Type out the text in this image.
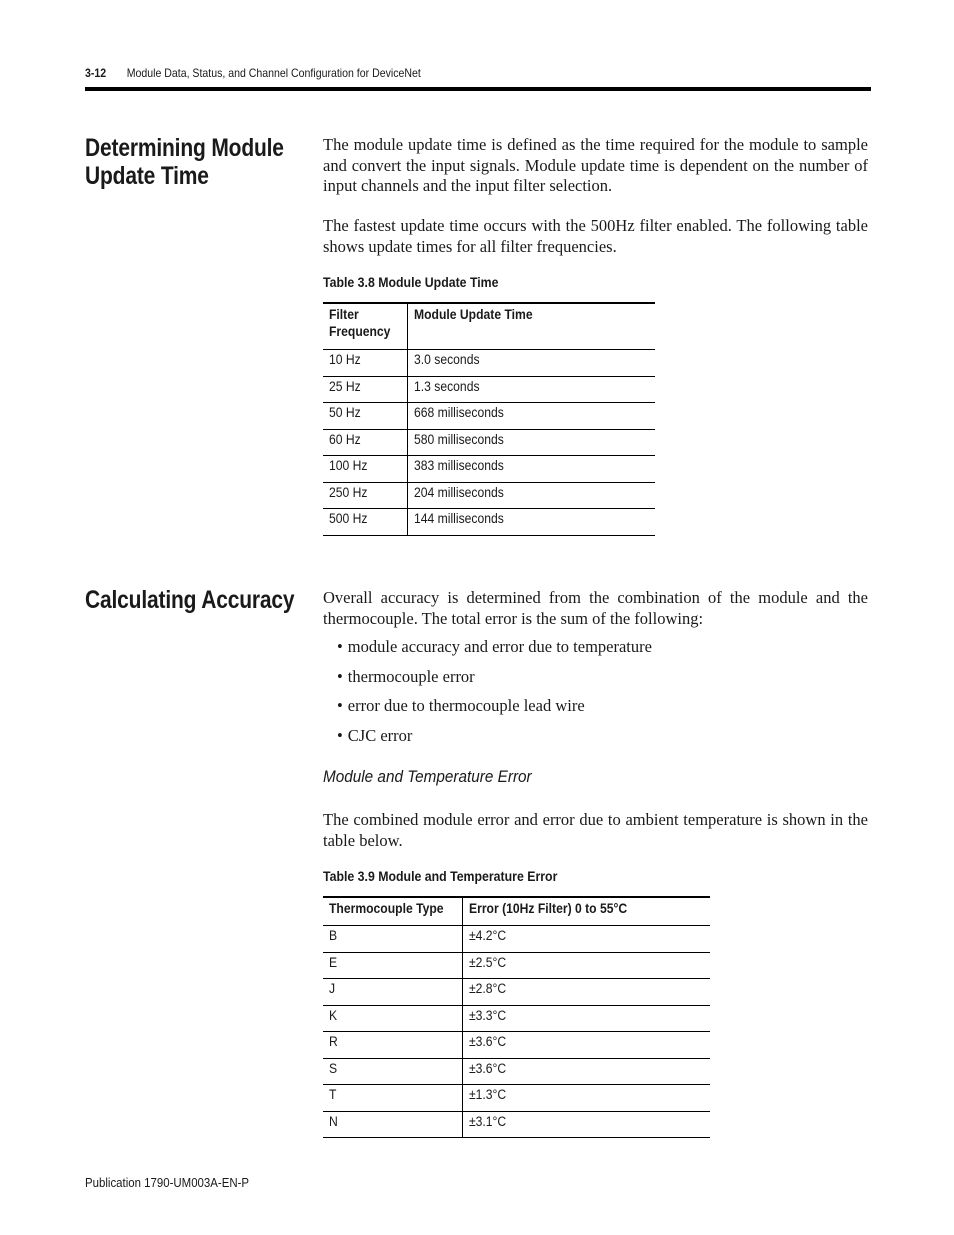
3-12 Module Data, Status, and Channel Configuration for DeviceNet
Determining Module
Update Time

The module update time is defined as the time required for the module to sample and convert the input signals. Module update time is dependent on the number of input channels and the input filter selection.

The fastest update time occurs with the 500Hz filter enabled. The following table shows update times for all filter frequencies.

Table 3.8 Module Update Time
Filter
Frequency	Module Update Time
10 Hz	3.0 seconds
25 Hz	1.3 seconds
50 Hz	668 milliseconds
60 Hz	580 milliseconds
100 Hz	383 milliseconds
250 Hz	204 milliseconds
500 Hz	144 milliseconds
Calculating Accuracy Overall accuracy is determined from the combination of the module and the thermocouple. The total error is the sum of the following:

• module accuracy and error due to temperature
• thermocouple error
• error due to thermocouple lead wire
• CJC error
Module and Temperature Error

The combined module error and error due to ambient temperature is shown in the table below.

Table 3.9 Module and Temperature Error
Thermocouple Type	Error (10Hz Filter) 0 to 55°C
B	±4.2°C
E	±2.5°C
J	±2.8°C
K	±3.3°C
R	±3.6°C
S	±3.6°C
T	±1.3°C
N	±3.1°C
Publication 1790-UM003A-EN-P
